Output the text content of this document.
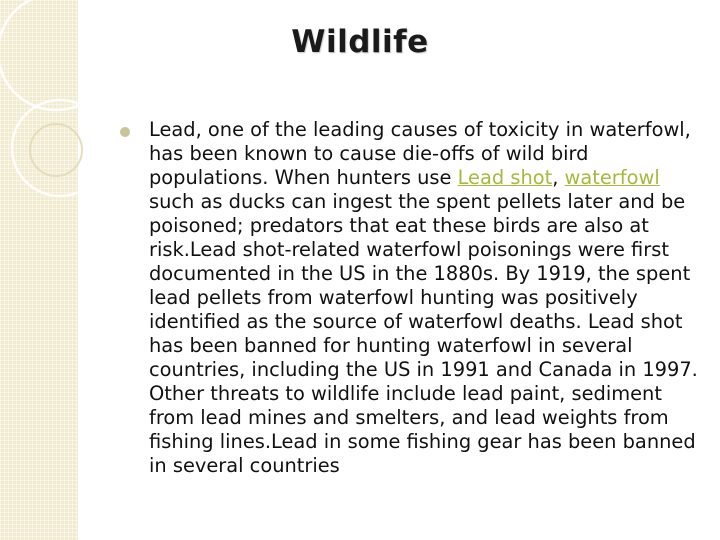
Wildlife
Lead, one of the leading causes of toxicity in waterfowl, has been known to cause die-offs of wild bird populations. When hunters use Lead shot, waterfowl such as ducks can ingest the spent pellets later and be poisoned; predators that eat these birds are also at risk.Lead shot-related waterfowl poisonings were first documented in the US in the 1880s. By 1919, the spent lead pellets from waterfowl hunting was positively identified as the source of waterfowl deaths. Lead shot has been banned for hunting waterfowl in several countries, including the US in 1991 and Canada in 1997. Other threats to wildlife include lead paint, sediment from lead mines and smelters, and lead weights from fishing lines.Lead in some fishing gear has been banned in several countries
